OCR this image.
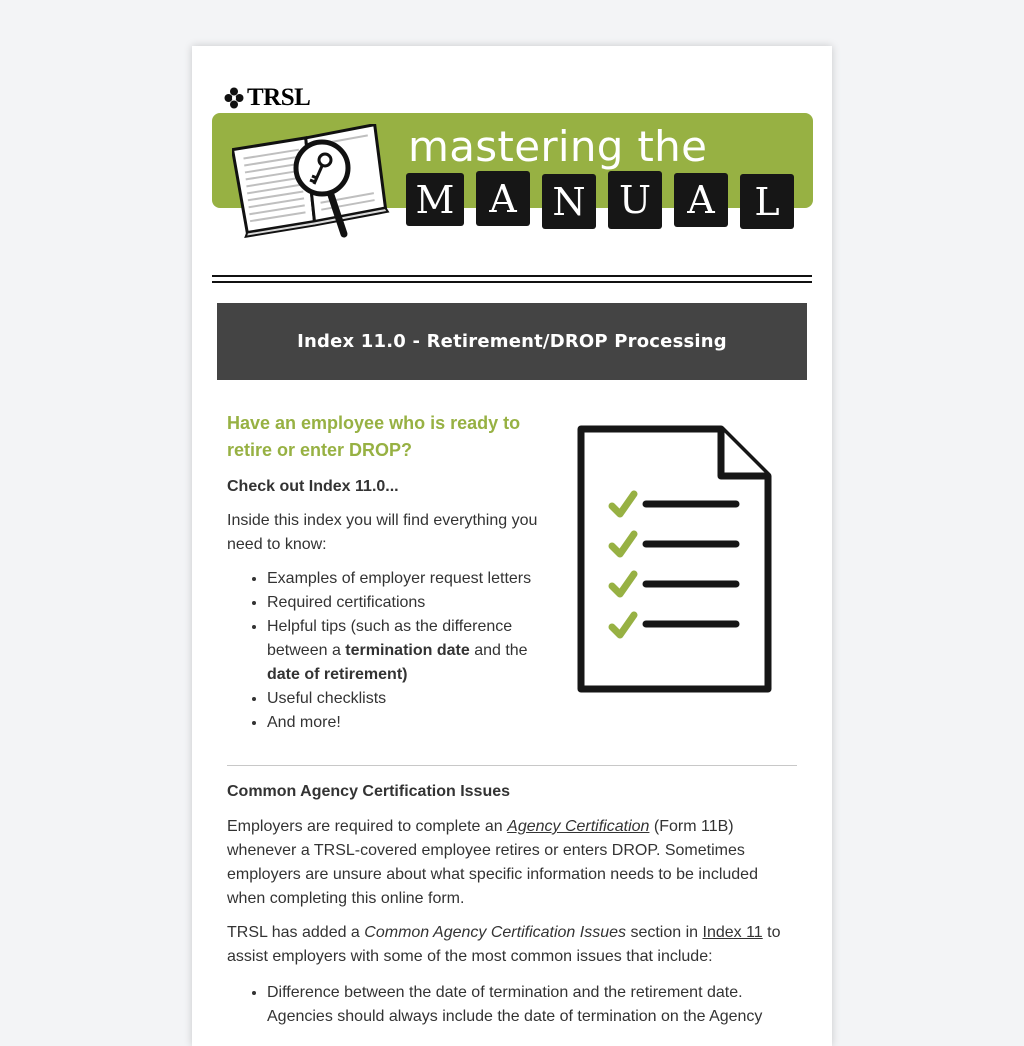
TRSL
mastering the
M A N U A	L
Index 11.0 - Retirement/DROP Processing
Have an employee who is ready to retire or enter DROP?
Check out Index 11.0...

Inside this index you will find everything you need to know:

• Examples of employer request letters
• Required certifications
• Helpful tips (such as the difference between a termination date and the date of retirement)
• Useful checklists
• And more!
Common Agency Certification Issues

Employers are required to complete an Agency Certification (Form 11B) whenever a TRSL-covered employee retires or enters DROP. Sometimes employers are unsure about what specific information needs to be included when completing this online form.

TRSL has added a Common Agency Certification Issues section in Index 11 to assist employers with some of the most common issues that include:

• Difference between the date of termination and the retirement date. Agencies should always include the date of termination on the Agency
